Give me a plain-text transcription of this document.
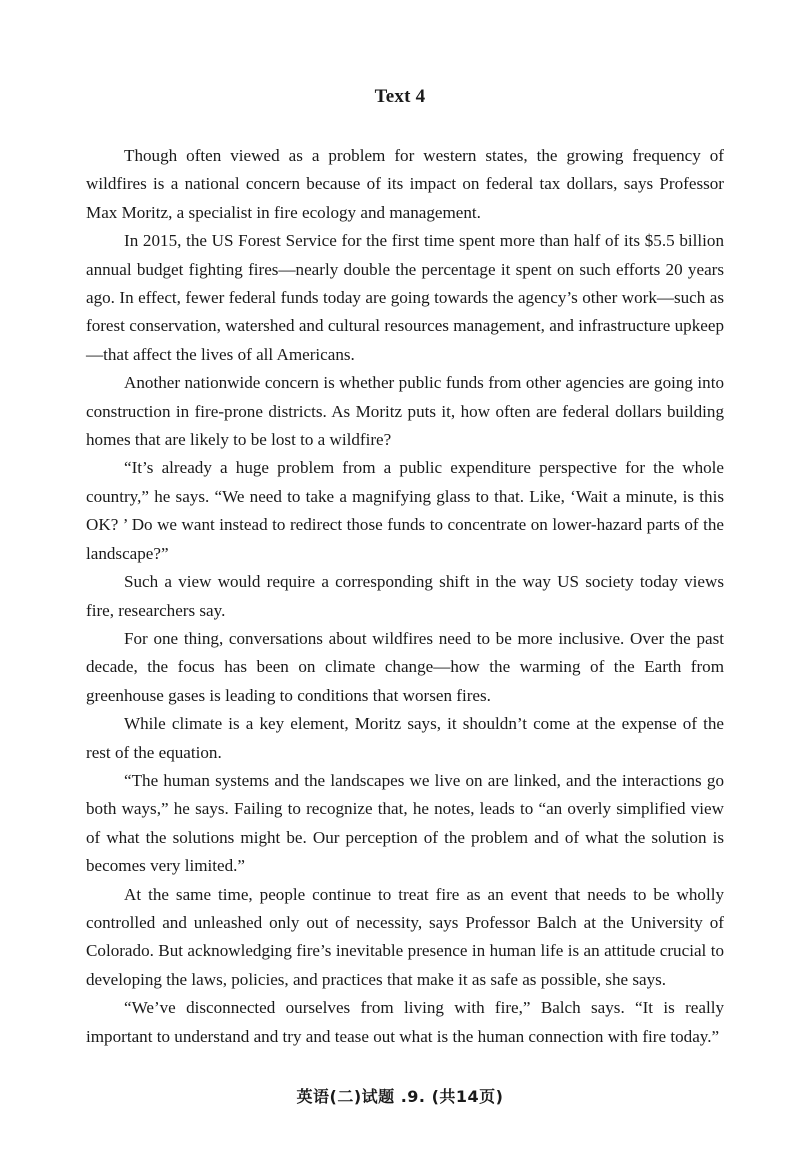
Text 4

Though often viewed as a problem for western states, the growing frequency of wildfires is a national concern because of its impact on federal tax dollars, says Professor Max Moritz, a specialist in fire ecology and management.

In 2015, the US Forest Service for the first time spent more than half of its $5.5 billion annual budget fighting fires—nearly double the percentage it spent on such efforts 20 years ago. In effect, fewer federal funds today are going towards the agency’s other work—such as forest conservation, watershed and cultural resources management, and infrastructure upkeep—that affect the lives of all Americans.

Another nationwide concern is whether public funds from other agencies are going into construction in fire-prone districts. As Moritz puts it, how often are federal dollars building homes that are likely to be lost to a wildfire?

“It’s already a huge problem from a public expenditure perspective for the whole country,” he says. “We need to take a magnifying glass to that. Like, ‘Wait a minute, is this OK? ’ Do we want instead to redirect those funds to concentrate on lower-hazard parts of the landscape?”

Such a view would require a corresponding shift in the way US society today views fire, researchers say.

For one thing, conversations about wildfires need to be more inclusive. Over the past decade, the focus has been on climate change—how the warming of the Earth from greenhouse gases is leading to conditions that worsen fires.

While climate is a key element, Moritz says, it shouldn’t come at the expense of the rest of the equation.

“The human systems and the landscapes we live on are linked, and the interactions go both ways,” he says. Failing to recognize that, he notes, leads to “an overly simplified view of what the solutions might be. Our perception of the problem and of what the solution is becomes very limited.”

At the same time, people continue to treat fire as an event that needs to be wholly controlled and unleashed only out of necessity, says Professor Balch at the University of Colorado. But acknowledging fire’s inevitable presence in human life is an attitude crucial to developing the laws, policies, and practices that make it as safe as possible, she says.

“We’ve disconnected ourselves from living with fire,” Balch says. “It is really important to understand and try and tease out what is the human connection with fire today.”

英语(二)试题 .9. (共14页)
